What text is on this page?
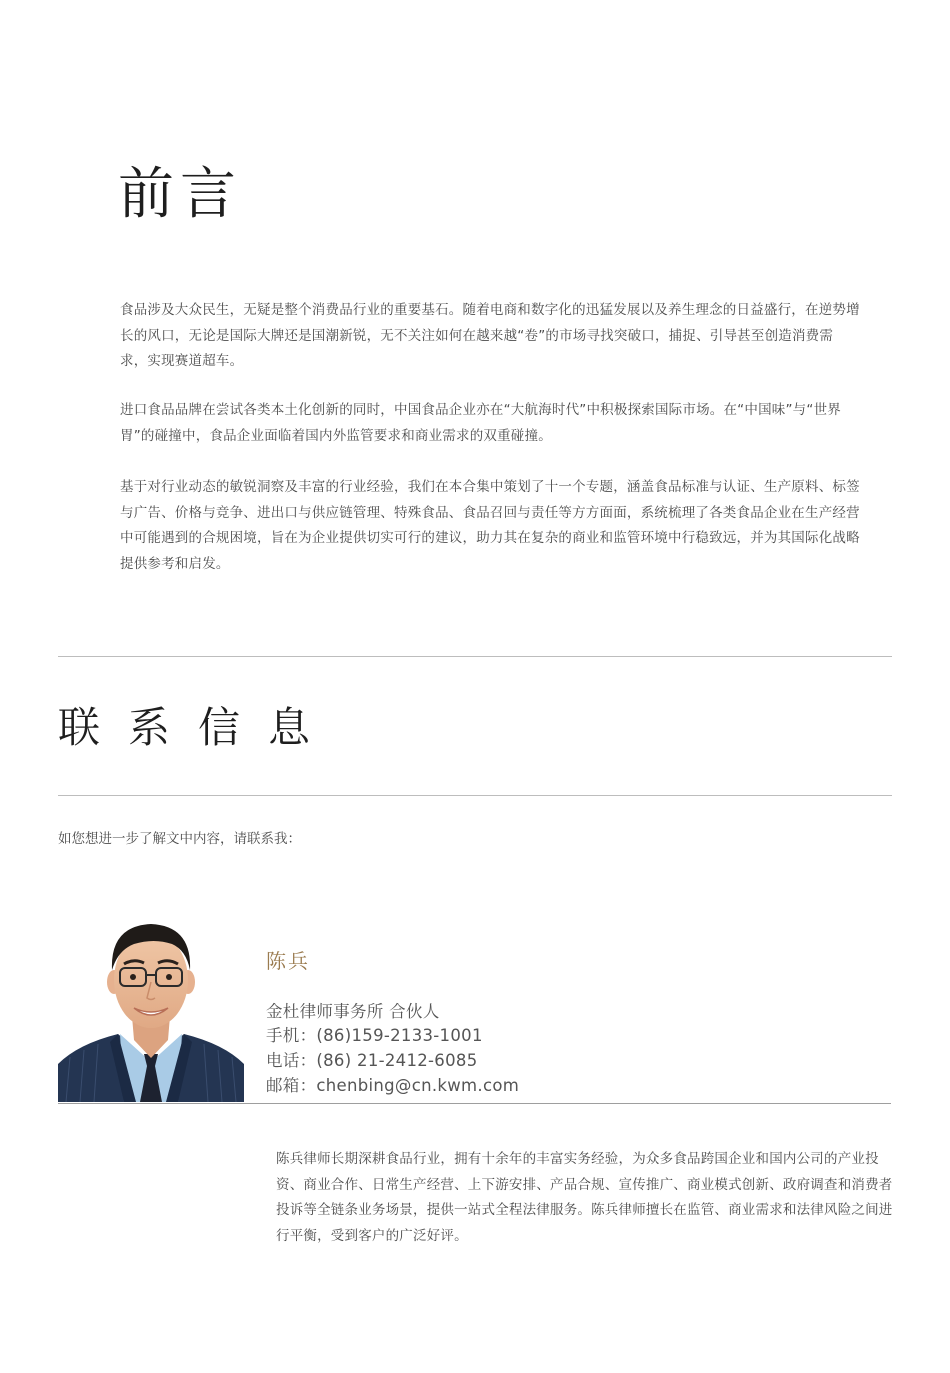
前言

食品涉及大众民生，无疑是整个消费品行业的重要基石。随着电商和数字化的迅猛发展以及养生理念的日益盛行，在逆势增长的风口，无论是国际大牌还是国潮新锐，无不关注如何在越来越“卷”的市场寻找突破口，捕捉、引导甚至创造消费需求，实现赛道超车。

进口食品品牌在尝试各类本土化创新的同时，中国食品企业亦在“大航海时代”中积极探索国际市场。在“中国味”与“世界胃”的碰撞中，食品企业面临着国内外监管要求和商业需求的双重碰撞。

基于对行业动态的敏锐洞察及丰富的行业经验，我们在本合集中策划了十一个专题，涵盖食品标准与认证、生产原料、标签与广告、价格与竞争、进出口与供应链管理、特殊食品、食品召回与责任等方方面面，系统梳理了各类食品企业在生产经营中可能遇到的合规困境，旨在为企业提供切实可行的建议，助力其在复杂的商业和监管环境中行稳致远，并为其国际化战略提供参考和启发。

联系信息

如您想进一步了解文中内容，请联系我：

陈兵

金杜律师事务所 合伙人

手机：(86)159-2133-1001

电话：(86) 21-2412-6085

邮箱：chenbing@cn.kwm.com

陈兵律师长期深耕食品行业，拥有十余年的丰富实务经验，为众多食品跨国企业和国内公司的产业投资、商业合作、日常生产经营、上下游安排、产品合规、宣传推广、商业模式创新、政府调查和消费者投诉等全链条业务场景，提供一站式全程法律服务。陈兵律师擅长在监管、商业需求和法律风险之间进行平衡，受到客户的广泛好评。
